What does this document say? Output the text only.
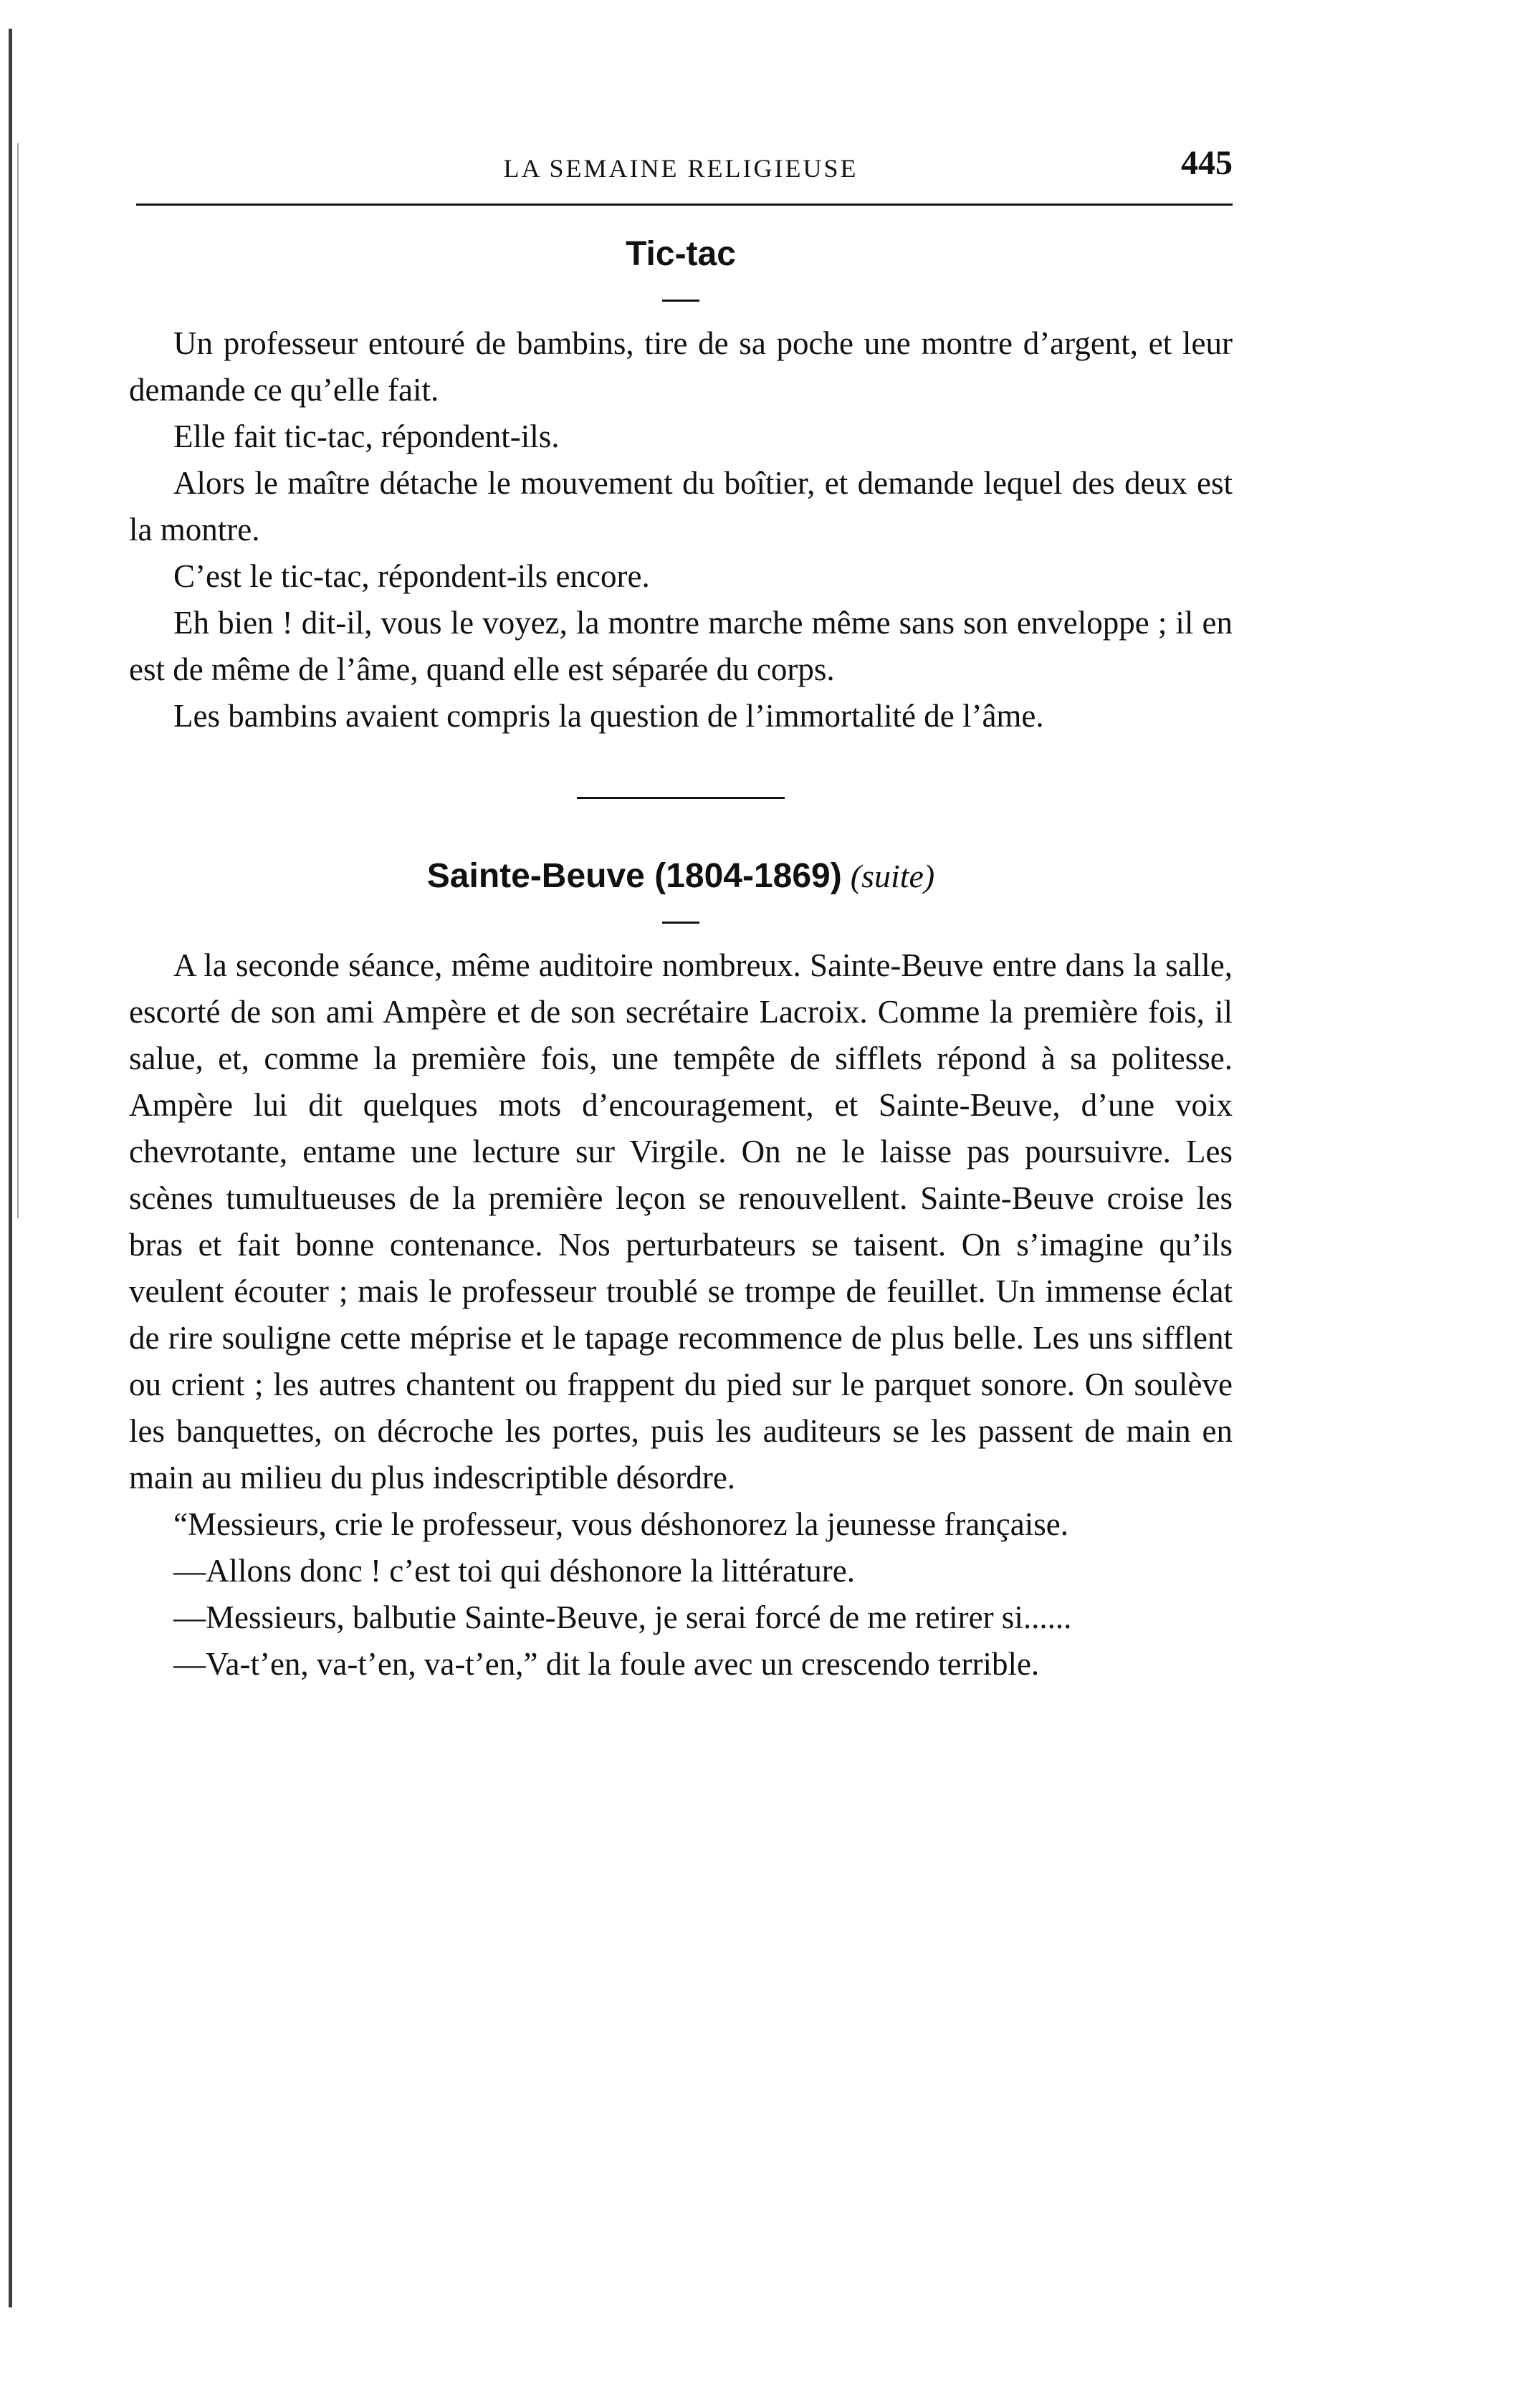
LA SEMAINE RELIGIEUSE	445
Tic-tac

Un professeur entouré de bambins, tire de sa poche une montre d’argent, et leur demande ce qu’elle fait.

Elle fait tic-tac, répondent-ils.

Alors le maître détache le mouvement du boîtier, et demande lequel des deux est la montre.

C’est le tic-tac, répondent-ils encore.

Eh bien ! dit-il, vous le voyez, la montre marche même sans son enveloppe ; il en est de même de l’âme, quand elle est séparée du corps.

Les bambins avaient compris la question de l’immortalité de l’âme.

Sainte-Beuve (1804-1869) (suite)

A la seconde séance, même auditoire nombreux. Sainte-Beuve entre dans la salle, escorté de son ami Ampère et de son secrétaire Lacroix. Comme la première fois, il salue, et, comme la première fois, une tempête de sifflets répond à sa politesse. Ampère lui dit quelques mots d’encouragement, et Sainte-Beuve, d’une voix chevrotante, entame une lecture sur Virgile. On ne le laisse pas poursuivre. Les scènes tumultueuses de la première leçon se renouvellent. Sainte-Beuve croise les bras et fait bonne contenance. Nos perturbateurs se taisent. On s’imagine qu’ils veulent écouter ; mais le professeur troublé se trompe de feuillet. Un immense éclat de rire souligne cette méprise et le tapage recommence de plus belle. Les uns sifflent ou crient ; les autres chantent ou frappent du pied sur le parquet sonore. On soulève les banquettes, on décroche les portes, puis les auditeurs se les passent de main en main au milieu du plus indescriptible désordre.

“Messieurs, crie le professeur, vous déshonorez la jeunesse française.

—Allons donc ! c’est toi qui déshonore la littérature.

—Messieurs, balbutie Sainte-Beuve, je serai forcé de me retirer si......

—Va-t’en, va-t’en, va-t’en,” dit la foule avec un crescendo terrible.
